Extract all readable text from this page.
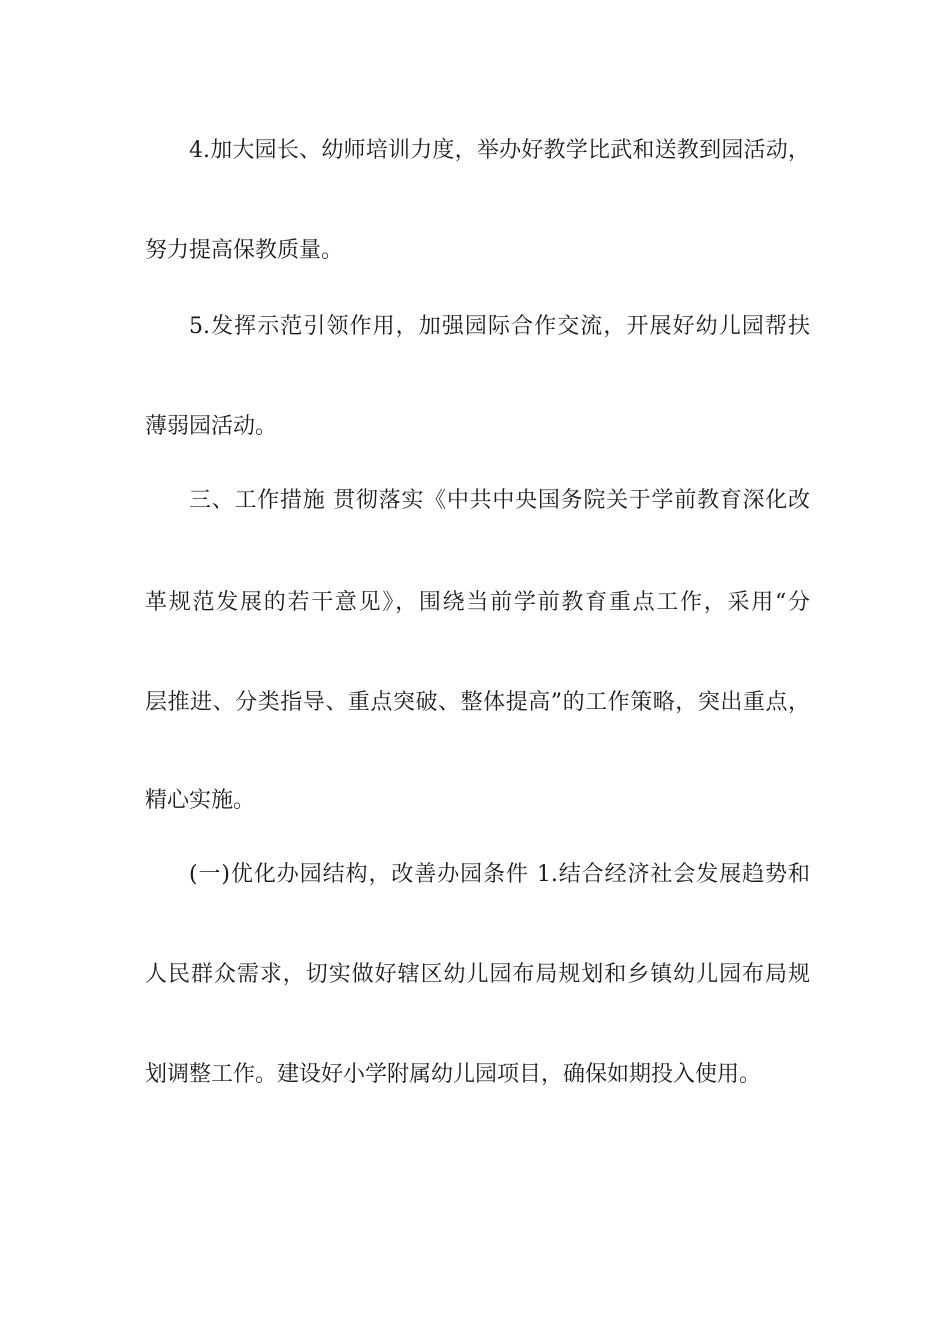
4.加大园长、幼师培训力度，举办好教学比武和送教到园活动，
努力提高保教质量。
5.发挥示范引领作用，加强园际合作交流，开展好幼儿园帮扶
薄弱园活动。
三、工作措施 贯彻落实《中共中央国务院关于学前教育深化改
革规范发展的若干意见》，围绕当前学前教育重点工作，采用“分
层推进、分类指导、重点突破、整体提高”的工作策略，突出重点，
精心实施。
(一)优化办园结构，改善办园条件 1.结合经济社会发展趋势和
人民群众需求，切实做好辖区幼儿园布局规划和乡镇幼儿园布局规
划调整工作。建设好小学附属幼儿园项目，确保如期投入使用。
